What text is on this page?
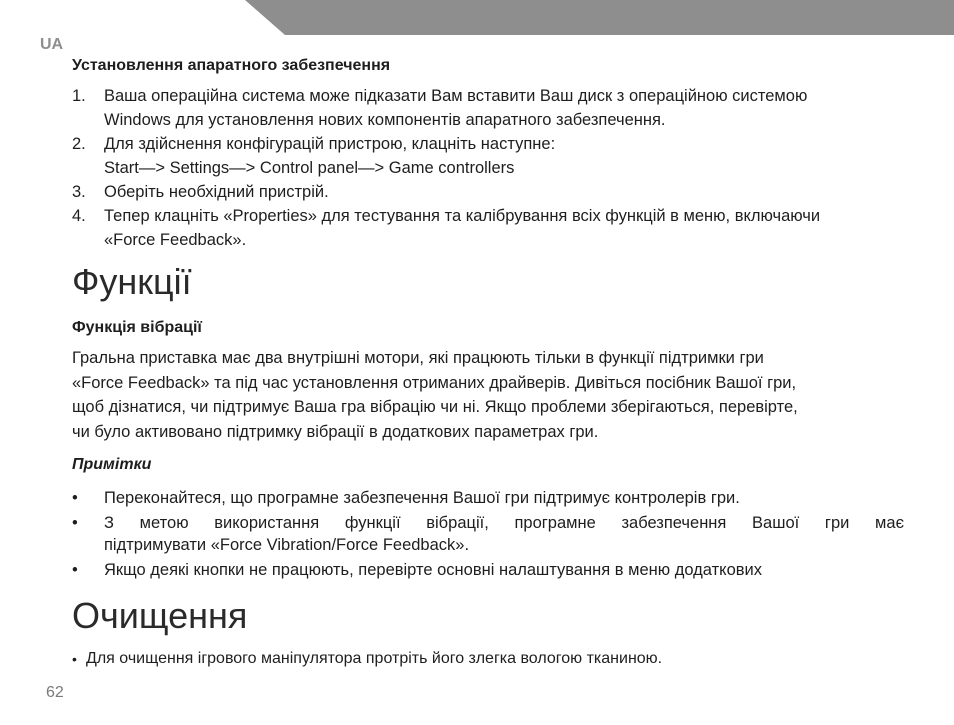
UA
Установлення апаратного забезпечення
1. Ваша операційна система може підказати Вам вставити Ваш диск з операційною системою
Windows для установлення нових компонентів апаратного забезпечення.
2. Для здійснення конфігурацій пристрою, клацніть наступне:
Start—> Settings—> Control panel—> Game controllers
3. Оберіть необхідний пристрій.
4. Тепер клацніть «Properties» для тестування та калібрування всіх функцій в меню, включаючи
«Force Feedback».
Функції
Функція вібрації
Гральна приставка має два внутрішні мотори, які працюють тільки в функції підтримки гри
«Force Feedback» та під час установлення отриманих драйверів. Дивіться посібник Вашої гри,
щоб дізнатися, чи підтримує Ваша гра вібрацію чи ні. Якщо проблеми зберігаються, перевірте,
чи було активовано підтримку вібрації в додаткових параметрах гри.
Примітки
• Переконайтеся, що програмне забезпечення Вашої гри підтримує контролерів гри.
• З метою використання функції вібрації, програмне забезпечення Вашої гри має
підтримувати «Force Vibration/Force Feedback».
• Якщо деякі кнопки не працюють, перевірте основні налаштування в меню додаткових
Очищення
• Для очищення ігрового маніпулятора протріть його злегка вологою тканиною.
62
